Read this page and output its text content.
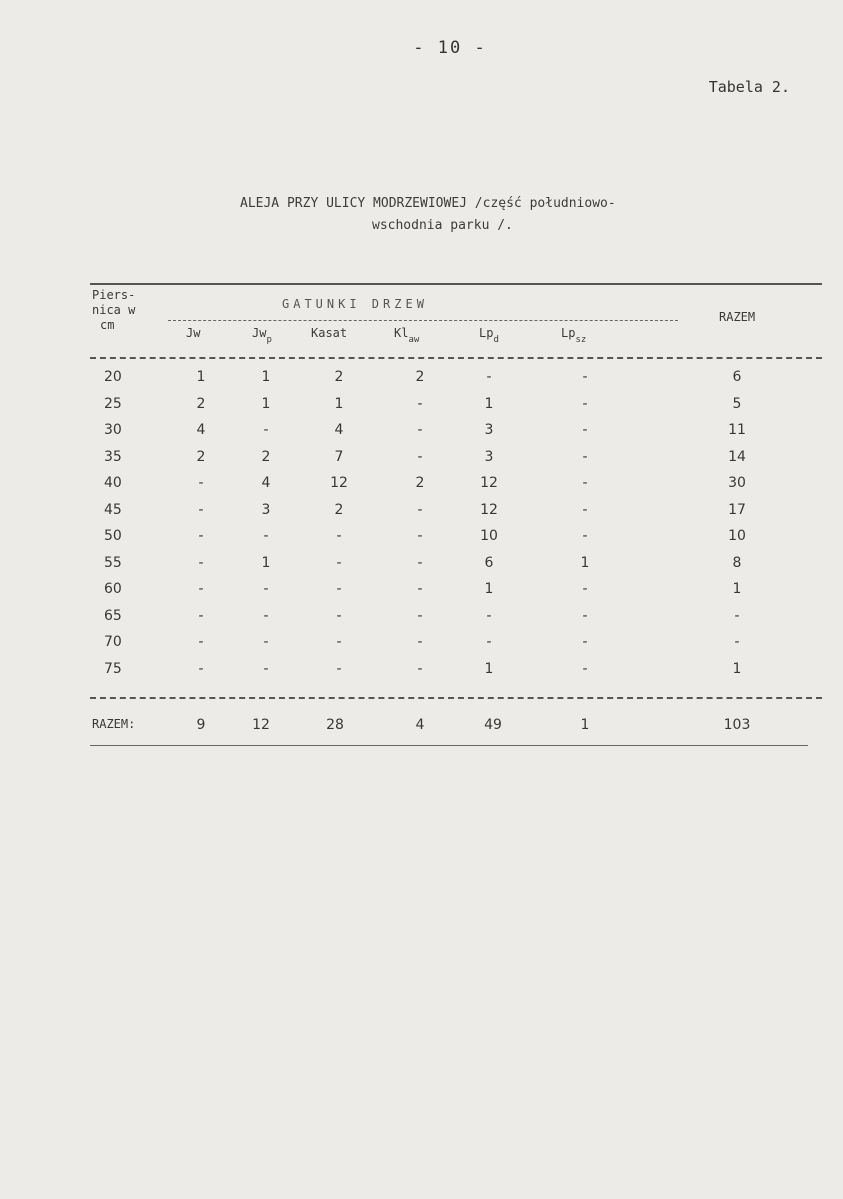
- 10 -
Tabela 2.
ALEJA PRZY ULICY MODRZEWIOWEJ /część południowo-
wschodnia parku /.
Piers-
nica w
cm
GATUNKI DRZEW
RAZEM
Jw	$Jw_p$	Kasat	$Kl_{aw}$	$Lp_d$	$Lp_{sz}$
20	1	1	2	2	-	-	6
25	2	1	1	-	1	-	5
30	4	-	4	-	3	-	11
35	2	2	7	-	3	-	14
40	-	4	12	2	12	-	30
45	-	3	2	-	12	-	17
50	-	-	-	-	10	-	10
55	-	1	-	-	6	1	8
60	-	-	-	-	1	-	1
65	-	-	-	-	-	-	-
70	-	-	-	-	-	-	-
75	-	-	-	-	1	-	1
RAZEM:	9	12	28	4	49	1	103
